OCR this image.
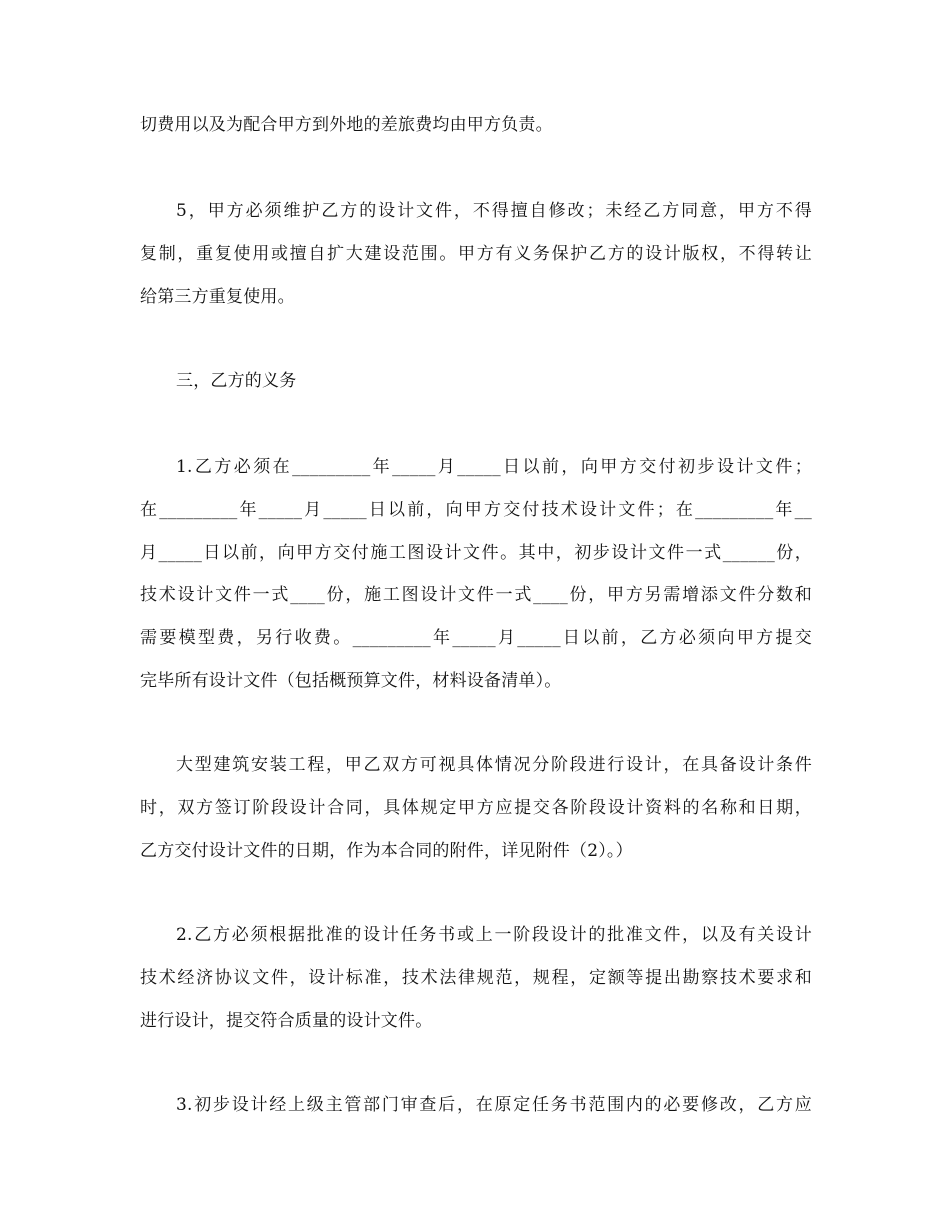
切费用以及为配合甲方到外地的差旅费均由甲方负责。
5，甲方必须维护乙方的设计文件，不得擅自修改；未经乙方同意，甲方不得
复制，重复使用或擅自扩大建设范围。甲方有义务保护乙方的设计版权，不得转让
给第三方重复使用。
三，乙方的义务
1.乙方必须在_________年_____月_____日以前，向甲方交付初步设计文件；
在_________年_____月_____日以前，向甲方交付技术设计文件；在_________年__
月_____日以前，向甲方交付施工图设计文件。其中，初步设计文件一式______份，
技术设计文件一式____份，施工图设计文件一式____份，甲方另需增添文件分数和
需要模型费，另行收费。_________年_____月_____日以前，乙方必须向甲方提交
完毕所有设计文件（包括概预算文件，材料设备清单）。
大型建筑安装工程，甲乙双方可视具体情况分阶段进行设计，在具备设计条件
时，双方签订阶段设计合同，具体规定甲方应提交各阶段设计资料的名称和日期，
乙方交付设计文件的日期，作为本合同的附件，详见附件（2）。）
2.乙方必须根据批准的设计任务书或上一阶段设计的批准文件，以及有关设计
技术经济协议文件，设计标准，技术法律规范，规程，定额等提出勘察技术要求和
进行设计，提交符合质量的设计文件。
3.初步设计经上级主管部门审查后，在原定任务书范围内的必要修改，乙方应
